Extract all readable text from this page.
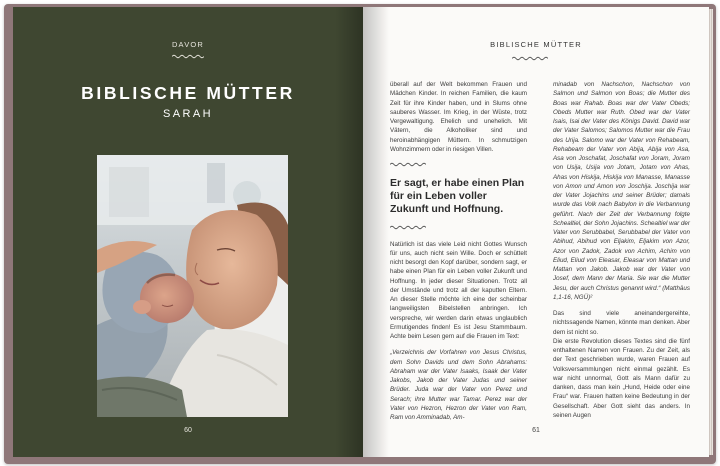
DAVOR
BIBLISCHE MÜTTER
SARAH
60
BIBLISCHE MÜTTER

überall auf der Welt bekommen Frauen und Mädchen Kinder. In reichen Familien, die kaum Zeit für ihre Kinder haben, und in Slums ohne sauberes Wasser. Im Krieg, in der Wüste, trotz Vergewaltigung. Ehelich und unehelich. Mit Vätern, die Alkoholiker sind und heroinabhängigen Müttern. In schmutzigen Wohnzimmern oder in riesigen Villen.

Er sagt, er habe einen Plan für ein Leben voller Zukunft und Hoffnung.

Natürlich ist das viele Leid nicht Gottes Wunsch für uns, auch nicht sein Wille. Doch er schüttelt nicht besorgt den Kopf darüber, sondern sagt, er habe einen Plan für ein Leben voller Zukunft und Hoffnung. In jeder dieser Situationen. Trotz all der Umstände und trotz all der kaputten Eltern. An dieser Stelle möchte ich eine der scheinbar langweiligsten Bibelstellen anbringen. Ich verspreche, wir werden darin etwas unglaublich Ermutigendes finden! Es ist Jesu Stammbaum. Achte beim Lesen gern auf die Frauen im Text:

„Verzeichnis der Vorfahren von Jesus Christus, dem Sohn Davids und dem Sohn Abrahams: Abraham war der Vater Isaaks, Isaak der Vater Jakobs, Jakob der Vater Judas und seiner Brüder. Juda war der Vater von Perez und Serach; ihre Mutter war Tamar. Perez war der Vater von Hezron, Hezron der Vater von Ram, Ram von Amminadab, Am-

minadab von Nachschon, Nachschon von Salmon und Salmon von Boas; die Mutter des Boas war Rahab. Boas war der Vater Obeds; Obeds Mutter war Ruth. Obed war der Vater Isais, Isai der Vater des Königs David. David war der Vater Salomos; Salomos Mutter war die Frau des Urija. Salomo war der Vater von Rehabeam, Rehabeam der Vater von Abija, Abija von Asa, Asa von Joschafat, Joschafat von Joram, Joram von Usija, Usija von Jotam, Jotam von Ahas, Ahas von Hiskija, Hiskija von Manasse, Manasse von Amon und Amon von Joschija. Joschija war der Vater Jojachins und seiner Brüder; damals wurde das Volk nach Babylon in die Verbannung geführt. Nach der Zeit der Verbannung folgte Schealtiel, der Sohn Jojachins. Schealtiel war der Vater von Serubbabel, Serubbabel der Vater von Abihud, Abihud von Eljakim, Eljakim von Azor, Azor von Zadok, Zadok von Achim, Achim von Eliud, Eliud von Eleasar, Eleasar von Mattan und Mattan von Jakob. Jakob war der Vater von Josef, dem Mann der Maria. Sie war die Mutter Jesu, der auch Christus genannt wird.“ (Matthäus 1,1-16, NGÜ)²

Das sind viele aneinandergereihte, nichtssagende Namen, könnte man denken. Aber dem ist nicht so.

Die erste Revolution dieses Textes sind die fünf enthaltenen Namen von Frauen. Zu der Zeit, als der Text geschrieben wurde, waren Frauen auf Volksversammlungen nicht einmal gezählt. Es war nicht unnormal, Gott als Mann dafür zu danken, dass man kein „Hund, Heide oder eine Frau“ war. Frauen hatten keine Bedeutung in der Gesellschaft. Aber Gott sieht das anders. In seinen Augen

61
